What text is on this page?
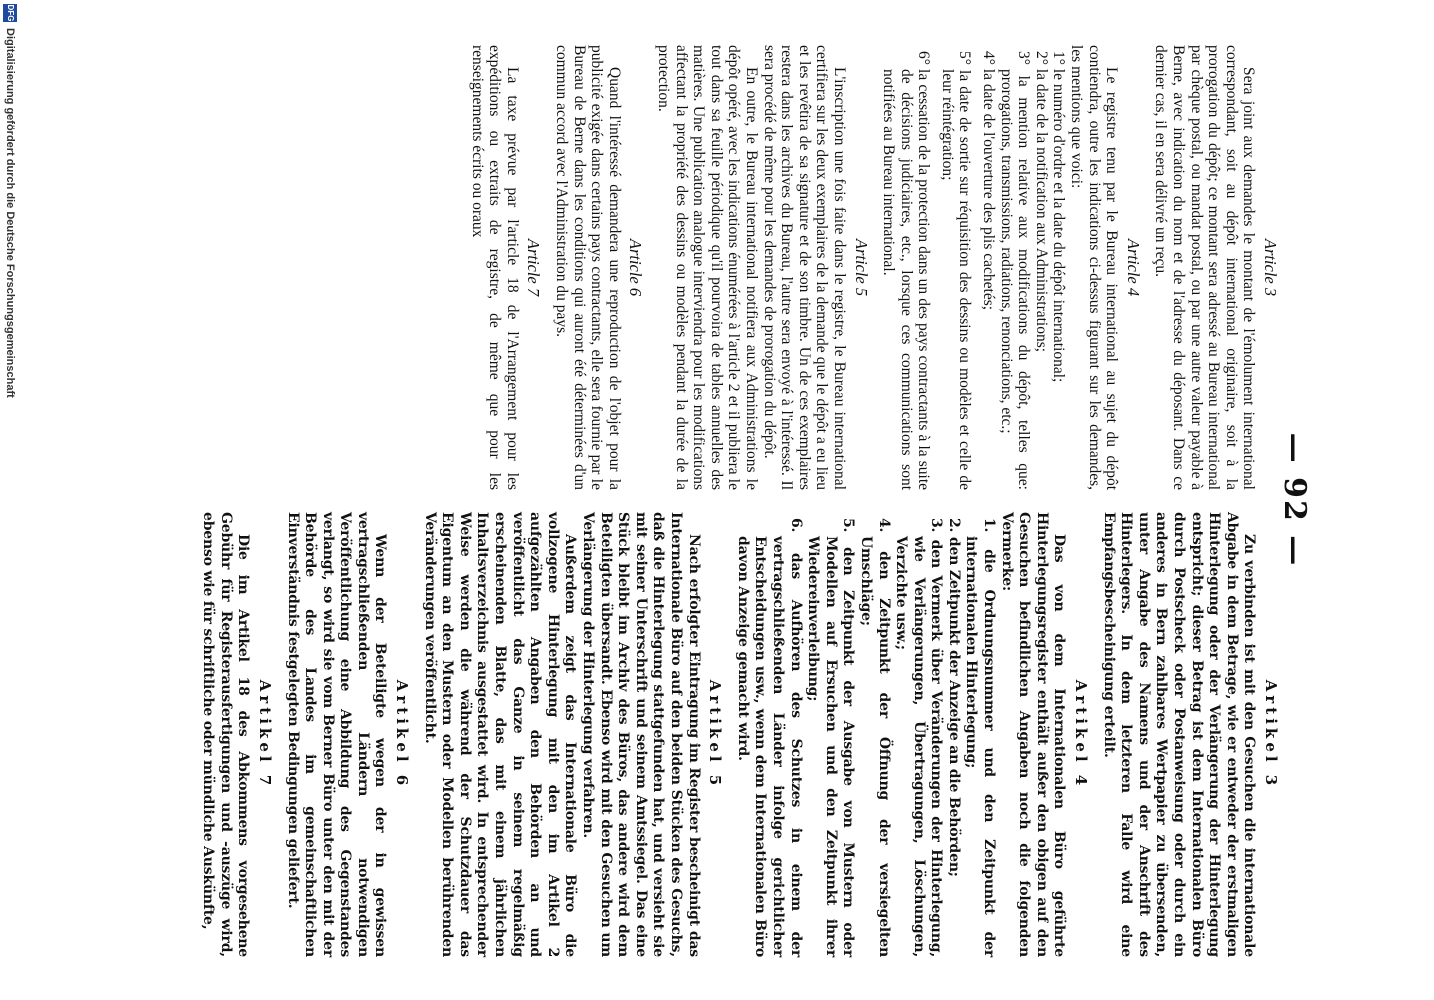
— 92 —
Article 3

Sera joint aux demandes le montant de l'émolument international correspondant, soit au dépôt international originaire, soit à la prorogation du dépôt; ce montant sera adressé au Bureau international par chèque postal, ou mandat postal, ou par une autre valeur payable à Berne, avec indication du nom et de l'adresse du déposant. Dans ce dernier cas, il en sera délivré un reçu.

Article 4

Le registre tenu par le Bureau international au sujet du dépôt contiendra, outre les indications ci-dessus figurant sur les demandes, les mentions que voici:

1° le numéro d'ordre et la date du dépôt international;
2° la date de la notification aux Administrations;
3° la mention relative aux modifications du dépôt, telles que: prorogations, transmissions, radiations, renonciations, etc.;
4° la date de l'ouverture des plis cachetés;
5° la date de sortie sur réquisition des dessins ou modèles et celle de leur réintégration;
6° la cessation de la protection dans un des pays contractants à la suite de décisions judiciaires, etc., lorsque ces communications sont notifiées au Bureau international.
Article 5

L'inscription une fois faite dans le registre, le Bureau international certifiera sur les deux exemplaires de la demande que le dépôt a eu lieu et les revêtira de sa signature et de son timbre. Un de ces exemplaires restera dans les archives du Bureau, l'autre sera envoyé à l'intéressé. Il sera procédé de même pour les demandes de prorogation du dépôt.

En outre, le Bureau international notifiera aux Administrations le dépôt opéré, avec les indications énumérées à l'article 2 et il publiera le tout dans sa feuille périodique qu'il pourvoira de tables annuelles des matières. Une publication analogue interviendra pour les modifications affectant la propriété des dessins ou modèles pendant la durée de la protection.

Article 6

Quand l'intéressé demandera une reproduction de l'objet pour la publicité exigée dans certains pays contractants, elle sera fournie par le Bureau de Berne dans les conditions qui auront été déterminées d'un commun accord avec l'Administration du pays.

Article 7

La taxe prévue par l'article 18 de l'Arrangement pour les expéditions ou extraits de registre, de même que pour les renseignements écrits ou oraux

Artikel 3

Zu verbinden ist mit den Gesuchen die internationale Abgabe in dem Betrage, wie er entweder der erstmaligen Hinterlegung oder der Verlängerung der Hinterlegung entspricht; dieser Betrag ist dem Internationalen Büro durch Postscheck oder Postanweisung oder durch ein anderes in Bern zahlbares Wertpapier zu übersenden, unter Angabe des Namens und der Anschrift des Hinterlegers. In dem letzteren Falle wird eine Empfangsbescheinigung erteilt.

Artikel 4

Das von dem Internationalen Büro geführte Hinterlegungsregister enthält außer den obigen auf den Gesuchen befindlichen Angaben noch die folgenden Vermerke:

1. die Ordnungsnummer und den Zeitpunkt der internationalen Hinterlegung;
2. den Zeitpunkt der Anzeige an die Behörden;
3. den Vermerk über Veränderungen der Hinterlegung, wie Verlängerungen, Übertragungen, Löschungen, Verzichte usw.;
4. den Zeitpunkt der Öffnung der versiegelten Umschläge;
5. den Zeitpunkt der Ausgabe von Mustern oder Modellen auf Ersuchen und den Zeitpunkt ihrer Wiedereinverleibung;
6. das Aufhören des Schutzes in einem der vertragschließenden Länder infolge gerichtlicher Entscheidungen usw., wenn dem Internationalen Büro davon Anzeige gemacht wird.
Artikel 5

Nach erfolgter Eintragung im Register bescheinigt das Internationale Büro auf den beiden Stücken des Gesuchs, daß die Hinterlegung stattgefunden hat, und versieht sie mit seiner Unterschrift und seinem Amtssiegel. Das eine Stück bleibt im Archiv des Büros, das andere wird dem Beteiligten übersandt. Ebenso wird mit den Gesuchen um Verlängerung der Hinterlegung verfahren.

Außerdem zeigt das Internationale Büro die vollzogene Hinterlegung mit den im Artikel 2 aufgezählten Angaben den Behörden an und veröffentlicht das Ganze in seinem regelmäßig erscheinenden Blatte, das mit einem jährlichen Inhaltsverzeichnis ausgestattet wird. In entsprechender Weise werden die während der Schutzdauer das Eigentum an den Mustern oder Modellen berührenden Veränderungen veröffentlicht.

Artikel 6

Wenn der Beteiligte wegen der in gewissen vertragschließenden Ländern notwendigen Veröffentlichung eine Abbildung des Gegenstandes verlangt, so wird sie vom Berner Büro unter den mit der Behörde des Landes im gemeinschaftlichen Einverständnis festgelegten Bedingungen geliefert.

Artikel 7

Die im Artikel 18 des Abkommens vorgesehene Gebühr für Registerausfertigungen und -auszüge wird, ebenso wie für schriftliche oder mündliche Auskünfte,

DFG
Digitalisierung gefördert durch die Deutsche Forschungsgemeinschaft
